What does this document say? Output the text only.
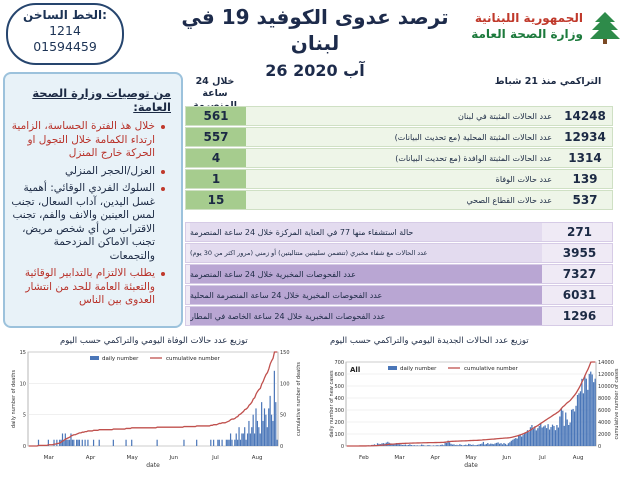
الخط الساخن:
1214
01594459
ترصد عدوى الكوفيد 19 في لبنان
26 آب 2020
الجمهورية اللبنانية
وزارة الصحة العامة
من توصيات وزارة الصحة العامة:
خلال هذ الفترة الحساسة، الزامية ارتداء الكمامة خلال التجول او الحركة خارج المنزل
العزل/الحجر المنزلي
السلوك الفردي الوقائي: أهمية غسل اليدين، آداب السعال، تجنب لمس العينين والانف والفم، تجنب الاقتراب من أي شخص مريض، تجنب الاماكن المزدحمة والتجمعات
يطلب الالتزام بالتدابير الوقائية والتعبئة العامة للحد من انتشار العدوى بين الناس
خلال 24 ساعة
التراكمي منذ 21 شباط
561	14248
عدد الحالات المثبتة في لبنان
557	12934
عدد الحالات المثبتة المحلية (مع تحديث البيانات)
4	1314
عدد الحالات المثبتة الوافدة (مع تحديث البيانات)
1	139
عدد حالات الوفاة
15	537
عدد حالات القطاع الصحي
حالة استشفاء منها 77 في العناية المركزة خلال 24 ساعة المنصرمة	271
عدد الحالات مع شفاء مخبري (تتضمن سلبيتين متتاليتين) أو زمني (مرور اكثر من 30 يوم)	3955
عدد الفحوصات المخبرية خلال 24 ساعة المنصرمة	7327
عدد الفحوصات المخبرية خلال 24 ساعة المنصرمة المحلية	6031
عدد الفحوصات المخبرية خلال 24 ساعة الخاصة في المطار	1296
توزيع عدد حالات الوفاة اليومي والتراكمي حسب اليوم	توزيع عدد الحالات الجديدة اليومي والتراكمي حسب اليوم
0
5
10
15
0
50
100
150
Mar	Apr	May	Jun	Jul	Aug
date
daily number of deaths	cumulative number of deaths
daily number	cumulative number
0
100
200
300
400
500
600
700
0
2000
4000
6000
8000
10000
12000
14000
Feb	Mar	Apr	May	Jun	Jul	Aug
date
daily number of new cases	cumulative number of cases
daily number	cumulative number
All
